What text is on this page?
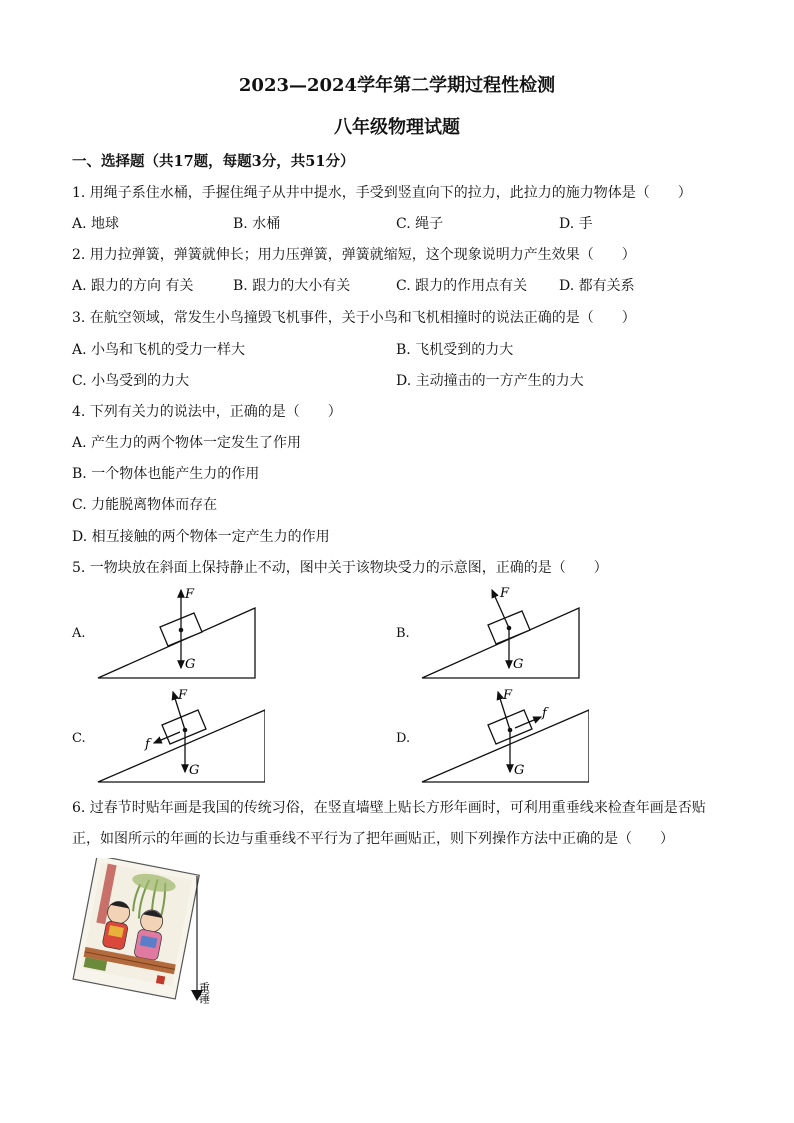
2023—2024学年第二学期过程性检测
八年级物理试题
一、选择题（共17题，每题3分，共51分）
1. 用绳子系住水桶，手握住绳子从井中提水，手受到竖直向下的拉力，此拉力的施力物体是（　　）
A. 地球	B. 水桶	C. 绳子	D. 手
2. 用力拉弹簧，弹簧就伸长；用力压弹簧，弹簧就缩短，这个现象说明力产生效果（　　）
A. 跟力的方向 有关	B. 跟力的大小有关	C. 跟力的作用点有关 D. 都有关系
3. 在航空领域，常发生小鸟撞毁飞机事件，关于小鸟和飞机相撞时的说法正确的是（　　）
A. 小鸟和飞机的受力一样大	B. 飞机受到的力大
C. 小鸟受到的力大	D. 主动撞击的一方产生的力大
4. 下列有关力的说法中，正确的是（　　）
A. 产生力的两个物体一定发生了作用
B. 一个物体也能产生力的作用
C. 力能脱离物体而存在
D. 相互接触的两个物体一定产生力的作用
5. 一物块放在斜面上保持静止不动，图中关于该物块受力的示意图，正确的是（　　）
A.	B.
C.	D.
F
G
F
G
F
G
f
F
G
f
6. 过春节时贴年画是我国的传统习俗，在竖直墙壁上贴长方形年画时，可利用重垂线来检查年画是否贴
正，如图所示的年画的长边与重垂线不平行为了把年画贴正，则下列操作方法中正确的是（　　）
重锤
